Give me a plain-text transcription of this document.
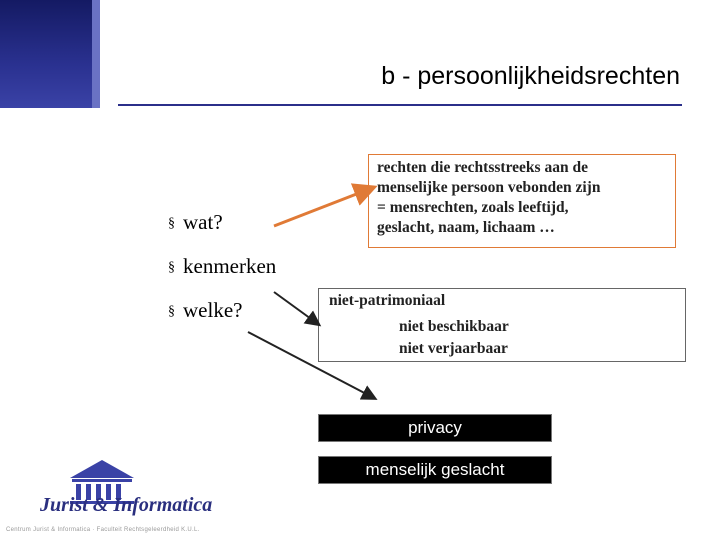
b - persoonlijkheidsrechten
§ wat?
§ kenmerken
§ welke?
rechten die rechtsstreeks aan de
menselijke persoon vebonden zijn
= mensrechten, zoals leeftijd,
geslacht, naam, lichaam …
niet-patrimoniaal
niet beschikbaar
niet verjaarbaar
privacy
menselijk geslacht
Jurist & Informatica
Centrum Jurist & Informatica · Faculteit Rechtsgeleerdheid K.U.L.
